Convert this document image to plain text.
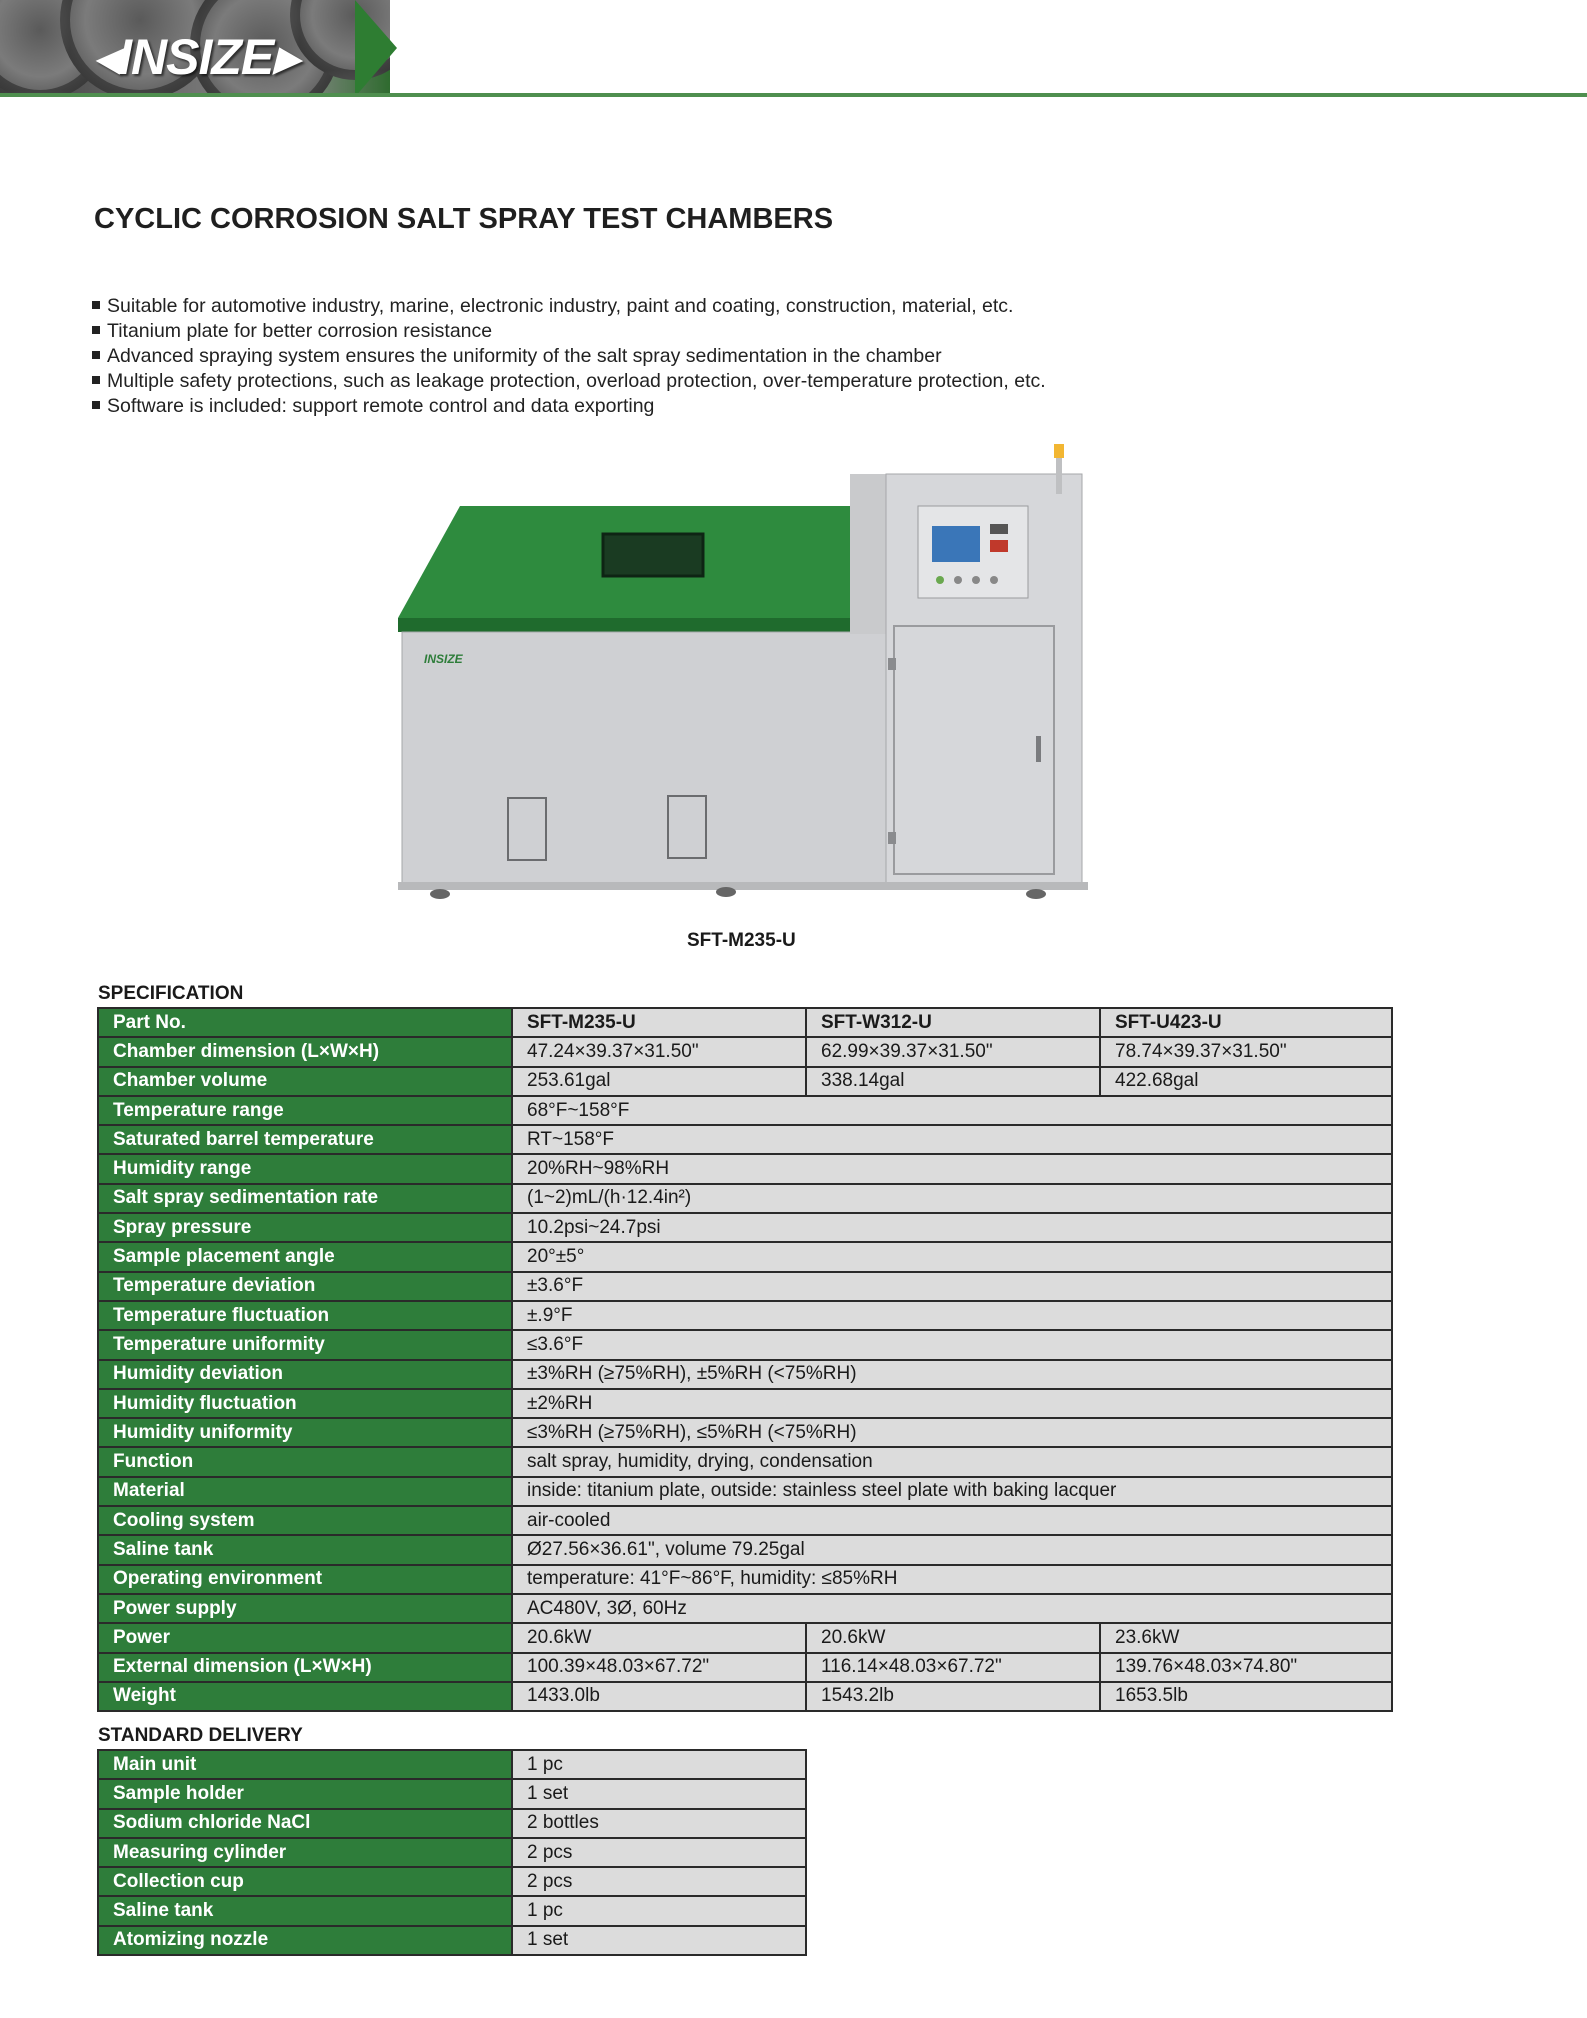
◂INSIZE▸
CYCLIC CORROSION SALT SPRAY TEST CHAMBERS
Suitable for automotive industry, marine, electronic industry, paint and coating, construction, material, etc.
Titanium plate for better corrosion resistance
Advanced spraying system ensures the uniformity of the salt spray sedimentation in the chamber
Multiple safety protections, such as leakage protection, overload protection, over-temperature protection, etc.
Software is included: support remote control and data exporting
INSIZE
SFT-M235-U
SPECIFICATION
Part No.	SFT-M235-U	SFT-W312-U	SFT-U423-U
Chamber dimension (L×W×H)	47.24×39.37×31.50"	62.99×39.37×31.50"	78.74×39.37×31.50"
Chamber volume	253.61gal	338.14gal	422.68gal
Temperature range	68°F~158°F		
Saturated barrel temperature	RT~158°F		
Humidity range	20%RH~98%RH		
Salt spray sedimentation rate	(1~2)mL/(h·12.4in²)		
Spray pressure	10.2psi~24.7psi		
Sample placement angle	20°±5°		
Temperature deviation	±3.6°F		
Temperature fluctuation	±.9°F		
Temperature uniformity	≤3.6°F		
Humidity deviation	±3%RH (≥75%RH), ±5%RH (<75%RH)		
Humidity fluctuation	±2%RH		
Humidity uniformity	≤3%RH (≥75%RH), ≤5%RH (<75%RH)		
Function	salt spray, humidity, drying, condensation		
Material	inside: titanium plate, outside: stainless steel plate with baking lacquer		
Cooling system	air-cooled		
Saline tank	Ø27.56×36.61", volume 79.25gal		
Operating environment	temperature: 41°F~86°F, humidity: ≤85%RH		
Power supply	AC480V, 3Ø, 60Hz		
Power	20.6kW	20.6kW	23.6kW
External dimension (L×W×H)	100.39×48.03×67.72"	116.14×48.03×67.72"	139.76×48.03×74.80"
Weight	1433.0lb	1543.2lb	1653.5lb
STANDARD DELIVERY
Main unit	1 pc
Sample holder	1 set
Sodium chloride NaCl	2 bottles
Measuring cylinder	2 pcs
Collection cup	2 pcs
Saline tank	1 pc
Atomizing nozzle	1 set
